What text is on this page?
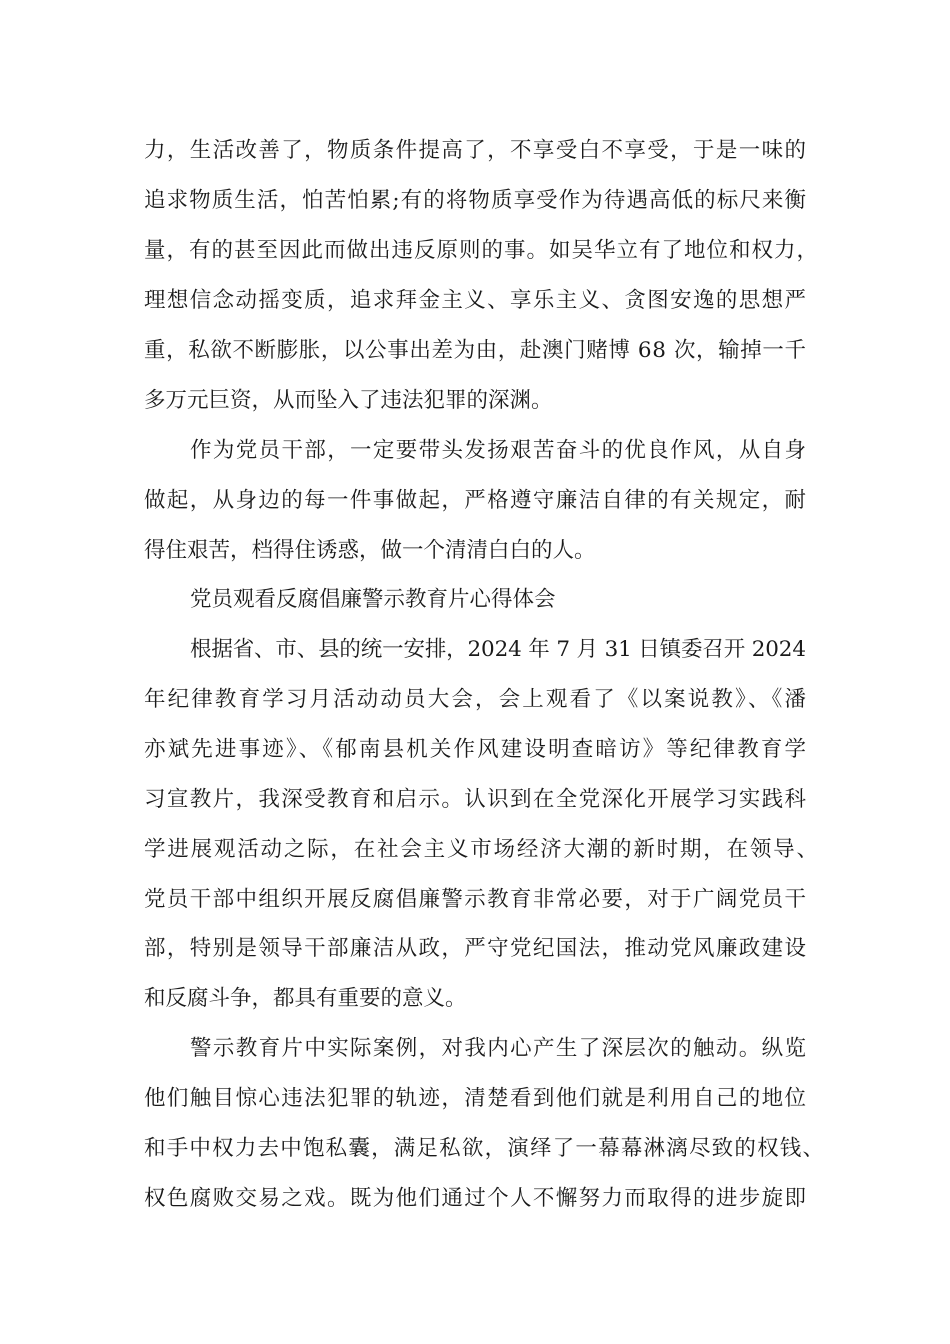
力，生活改善了，物质条件提高了，不享受白不享受，于是一味的
追求物质生活，怕苦怕累;有的将物质享受作为待遇高低的标尺来衡
量，有的甚至因此而做出违反原则的事。如吴华立有了地位和权力，
理想信念动摇变质，追求拜金主义、享乐主义、贪图安逸的思想严
重，私欲不断膨胀，以公事出差为由，赴澳门赌博 68 次，输掉一千
多万元巨资，从而坠入了违法犯罪的深渊。
作为党员干部，一定要带头发扬艰苦奋斗的优良作风，从自身
做起，从身边的每一件事做起，严格遵守廉洁自律的有关规定，耐
得住艰苦，档得住诱惑，做一个清清白白的人。
党员观看反腐倡廉警示教育片心得体会
根据省、市、县的统一安排，2024 年 7 月 31 日镇委召开 2024
年纪律教育学习月活动动员大会，会上观看了《以案说教》、《潘
亦斌先进事迹》、《郁南县机关作风建设明查暗访》等纪律教育学
习宣教片，我深受教育和启示。认识到在全党深化开展学习实践科
学进展观活动之际，在社会主义市场经济大潮的新时期，在领导、
党员干部中组织开展反腐倡廉警示教育非常必要，对于广阔党员干
部，特别是领导干部廉洁从政，严守党纪国法，推动党风廉政建设
和反腐斗争，都具有重要的意义。
警示教育片中实际案例，对我内心产生了深层次的触动。纵览
他们触目惊心违法犯罪的轨迹，清楚看到他们就是利用自己的地位
和手中权力去中饱私囊，满足私欲，演绎了一幕幕淋漓尽致的权钱、
权色腐败交易之戏。既为他们通过个人不懈努力而取得的进步旋即
